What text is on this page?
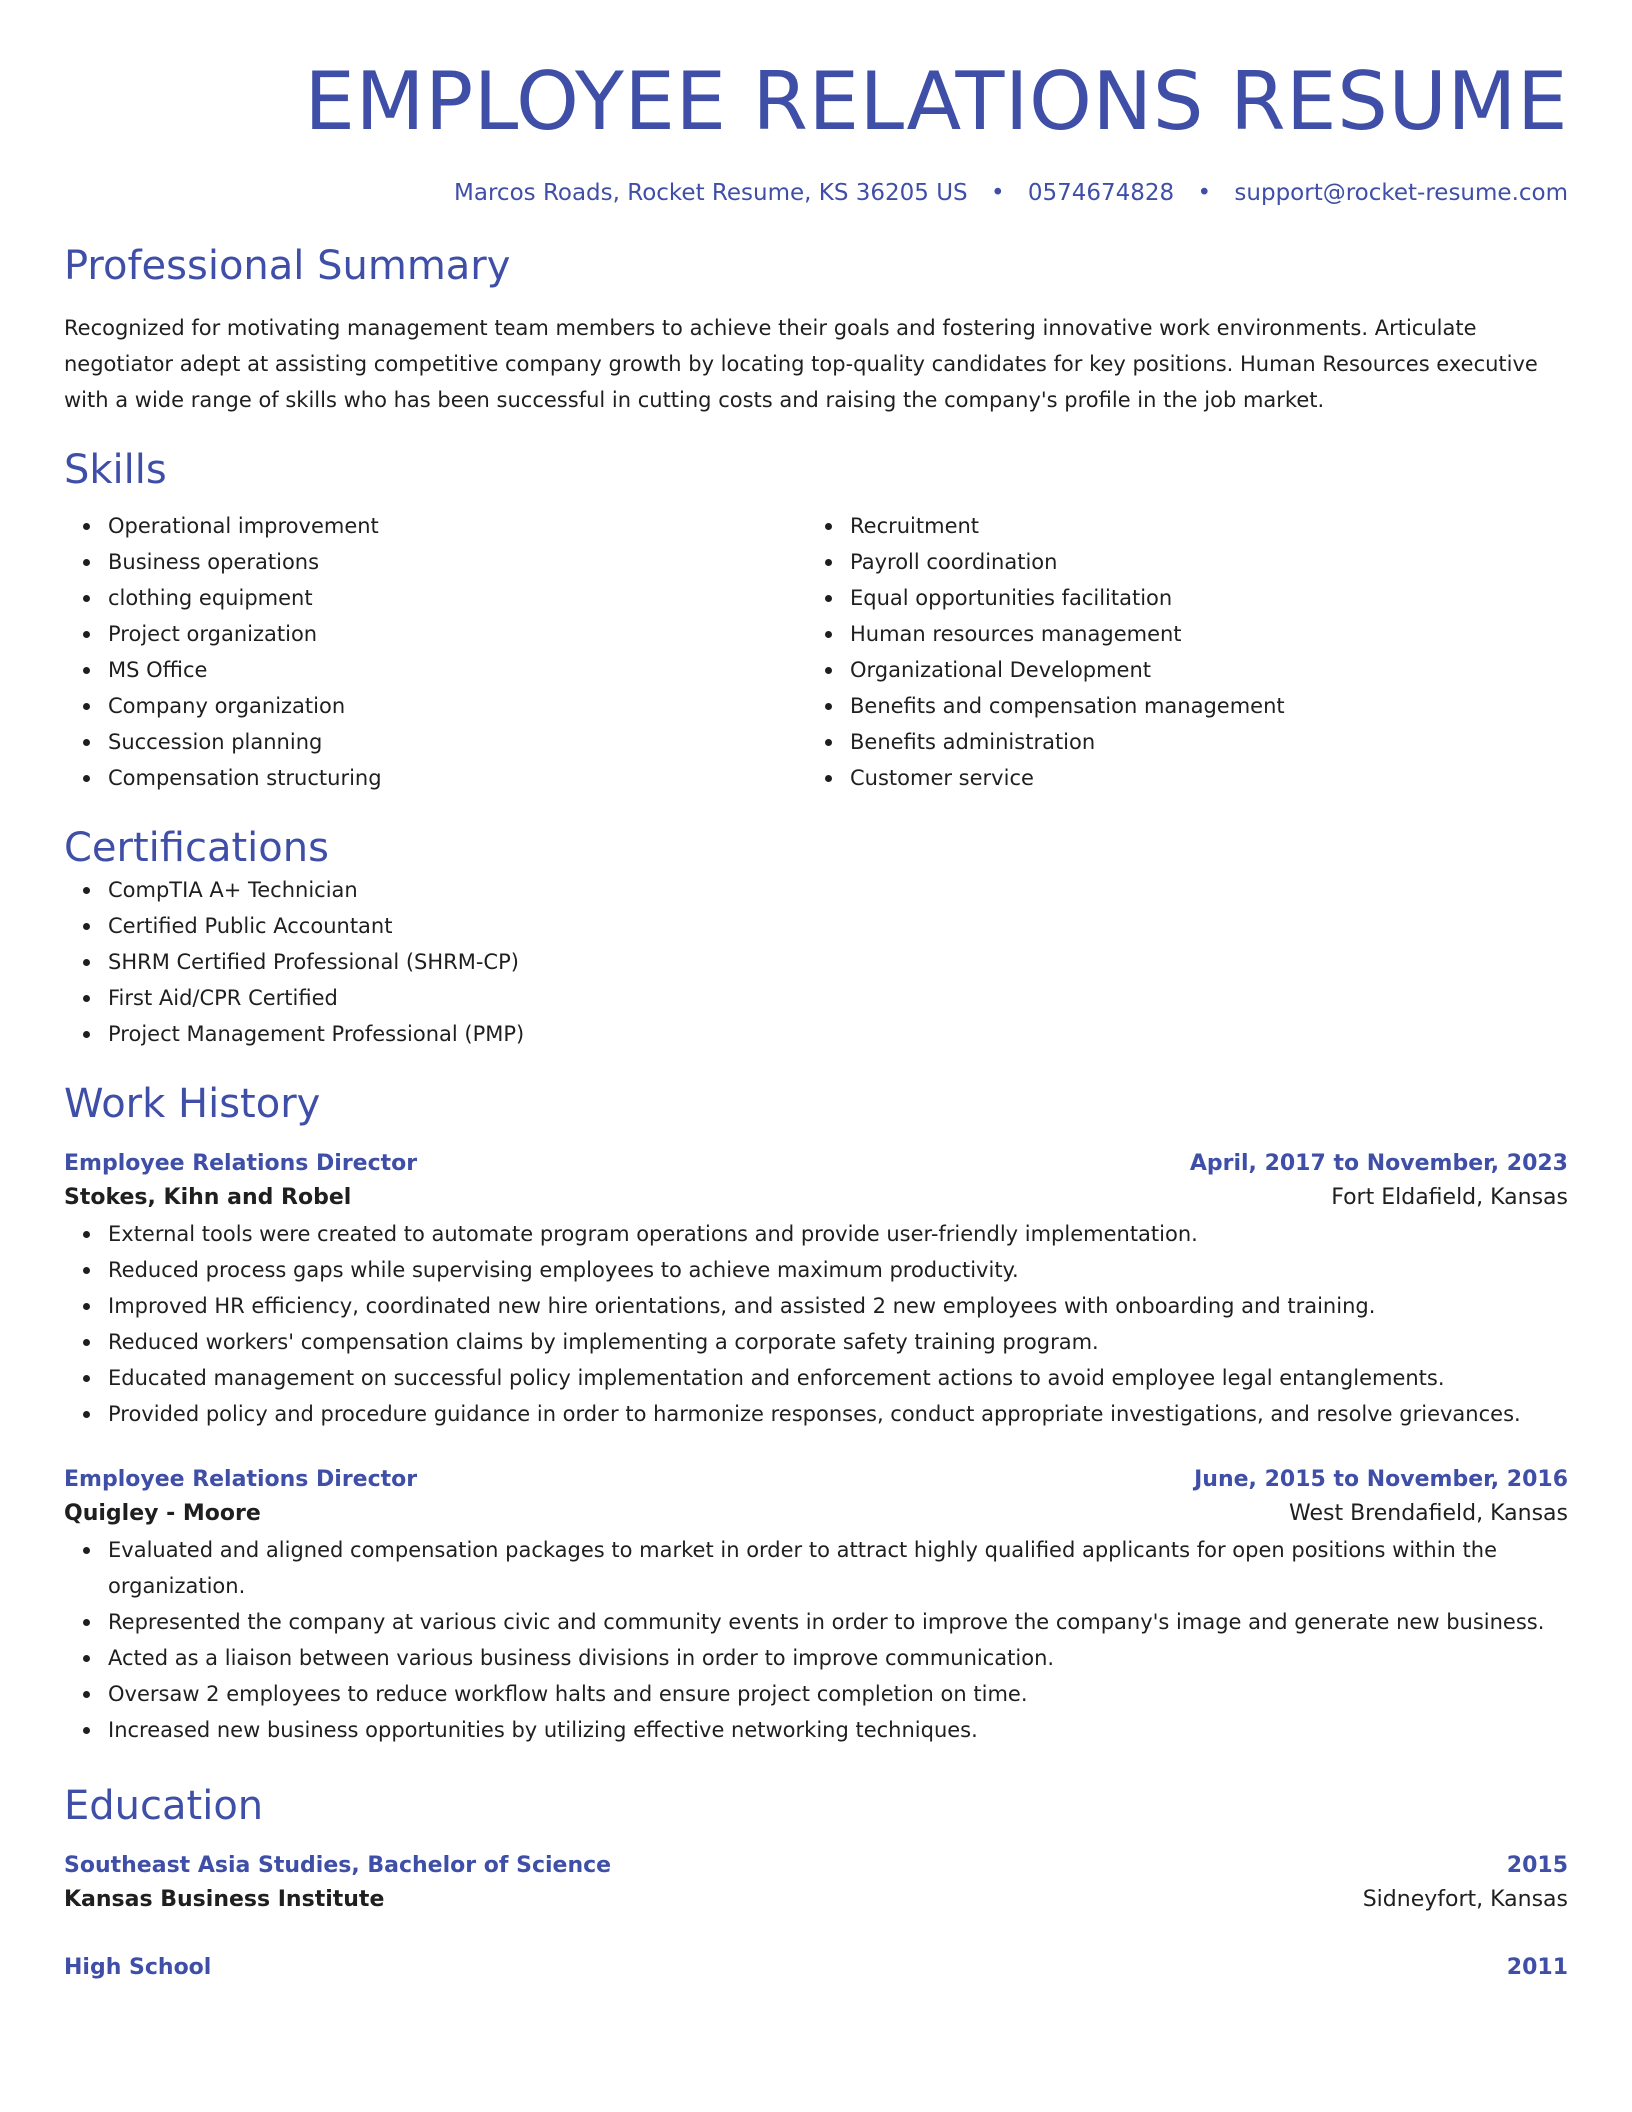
EMPLOYEE RELATIONS RESUME
Marcos Roads, Rocket Resume, KS 36205 US • 0574674828 • support@rocket-resume.com
Professional Summary

Recognized for motivating management team members to achieve their goals and fostering innovative work environments. Articulate negotiator adept at assisting competitive company growth by locating top-quality candidates for key positions. Human Resources executive with a wide range of skills who has been successful in cutting costs and raising the company's profile in the job market.

Skills
Operational improvement
Business operations
clothing equipment
Project organization
MS Office
Company organization
Succession planning
Compensation structuring
Recruitment
Payroll coordination
Equal opportunities facilitation
Human resources management
Organizational Development
Benefits and compensation management
Benefits administration
Customer service
Certifications
CompTIA A+ Technician
Certified Public Accountant
SHRM Certified Professional (SHRM-CP)
First Aid/CPR Certified
Project Management Professional (PMP)
Work History
Employee Relations Director	April, 2017 to November, 2023
Stokes, Kihn and Robel	Fort Eldafield, Kansas
External tools were created to automate program operations and provide user-friendly implementation.
Reduced process gaps while supervising employees to achieve maximum productivity.
Improved HR efficiency, coordinated new hire orientations, and assisted 2 new employees with onboarding and training.
Reduced workers' compensation claims by implementing a corporate safety training program.
Educated management on successful policy implementation and enforcement actions to avoid employee legal entanglements.
Provided policy and procedure guidance in order to harmonize responses, conduct appropriate investigations, and resolve grievances.
Employee Relations Director	June, 2015 to November, 2016
Quigley - Moore	West Brendafield, Kansas
Evaluated and aligned compensation packages to market in order to attract highly qualified applicants for open positions within the organization.
Represented the company at various civic and community events in order to improve the company's image and generate new business.
Acted as a liaison between various business divisions in order to improve communication.
Oversaw 2 employees to reduce workflow halts and ensure project completion on time.
Increased new business opportunities by utilizing effective networking techniques.
Education
Southeast Asia Studies, Bachelor of Science	2015
Kansas Business Institute	Sidneyfort, Kansas
High School	2011
